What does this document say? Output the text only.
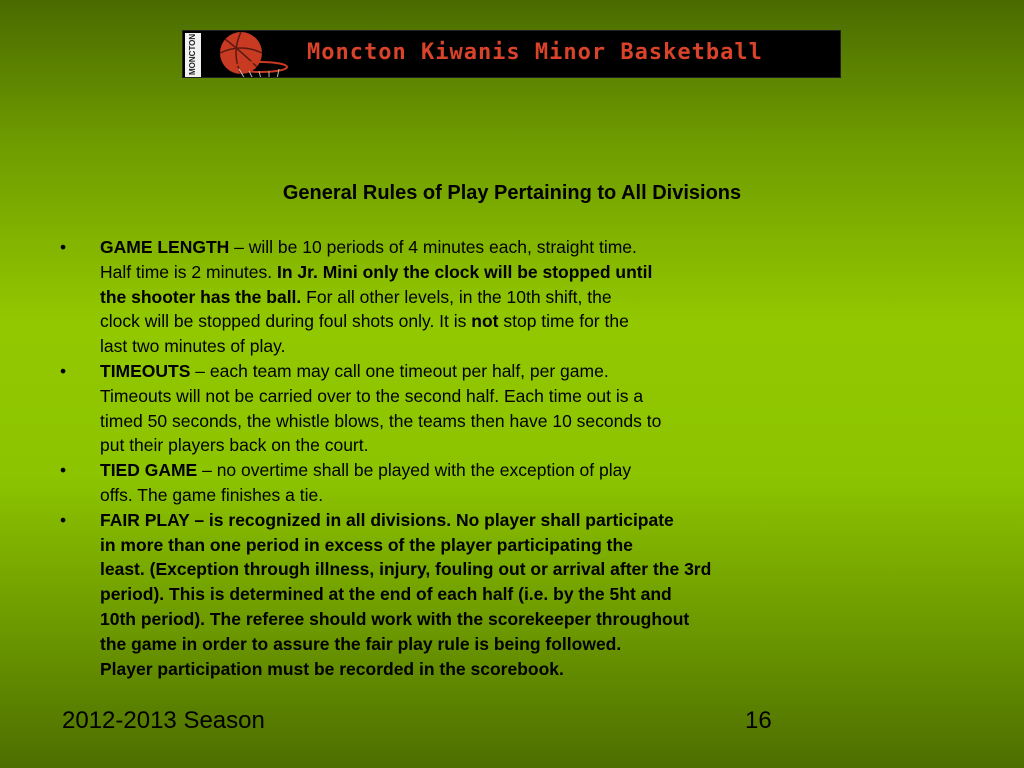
MONCTON	Moncton Kiwanis Minor Basketball
General Rules of Play Pertaining to All Divisions
• GAME LENGTH – will be 10 periods of 4 minutes each, straight time.
Half time is 2 minutes. In Jr. Mini only the clock will be stopped until
the shooter has the ball. For all other levels, in the 10th shift, the
clock will be stopped during foul shots only. It is not stop time for the
last two minutes of play.
• TIMEOUTS – each team may call one timeout per half, per game.
Timeouts will not be carried over to the second half. Each time out is a
timed 50 seconds, the whistle blows, the teams then have 10 seconds to
put their players back on the court.
• TIED GAME – no overtime shall be played with the exception of play
offs. The game finishes a tie.
• FAIR PLAY – is recognized in all divisions. No player shall participate
in more than one period in excess of the player participating the
least. (Exception through illness, injury, fouling out or arrival after the 3rd
period). This is determined at the end of each half (i.e. by the 5ht and
10th period). The referee should work with the scorekeeper throughout
the game in order to assure the fair play rule is being followed.
Player participation must be recorded in the scorebook.
2012-2013 Season	16
